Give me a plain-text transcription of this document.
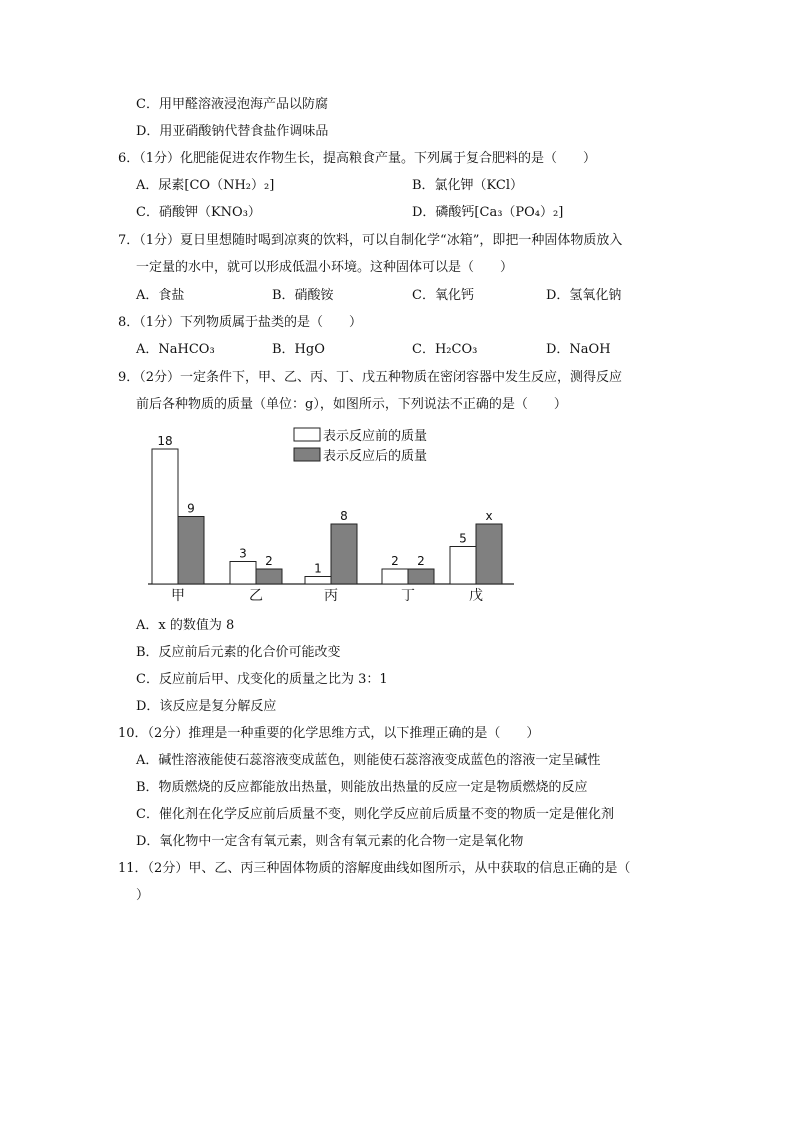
C．用甲醛溶液浸泡海产品以防腐
D．用亚硝酸钠代替食盐作调味品
6．（1分）化肥能促进农作物生长，提高粮食产量。下列属于复合肥料的是（　　）
A．尿素[CO（NH₂）₂]	B．氯化钾（KCl）
C．硝酸钾（KNO₃）	D．磷酸钙[Ca₃（PO₄）₂]
7．（1分）夏日里想随时喝到凉爽的饮料，可以自制化学“冰箱”，即把一种固体物质放入
一定量的水中，就可以形成低温小环境。这种固体可以是（　　）
A．食盐	B．硝酸铵	C．氧化钙	D．氢氧化钠
8．（1分）下列物质属于盐类的是（　　）
A．NaHCO₃	B．HgO	C．H₂CO₃	D．NaOH
9．（2分）一定条件下，甲、乙、丙、丁、戊五种物质在密闭容器中发生反应，测得反应
前后各种物质的质量（单位：g），如图所示，下列说法不正确的是（　　）
18
9
甲
3
2
乙
1
8
丙
2 2
丁
5
x
戊
表示反应前的质量
表示反应后的质量
A．x 的数值为 8
B．反应前后元素的化合价可能改变
C．反应前后甲、戊变化的质量之比为 3：1
D．该反应是复分解反应
10．（2分）推理是一种重要的化学思维方式，以下推理正确的是（　　）
A．碱性溶液能使石蕊溶液变成蓝色，则能使石蕊溶液变成蓝色的溶液一定呈碱性
B．物质燃烧的反应都能放出热量，则能放出热量的反应一定是物质燃烧的反应
C．催化剂在化学反应前后质量不变，则化学反应前后质量不变的物质一定是催化剂
D．氧化物中一定含有氧元素，则含有氧元素的化合物一定是氧化物
11．（2分）甲、乙、丙三种固体物质的溶解度曲线如图所示，从中获取的信息正确的是（
）
